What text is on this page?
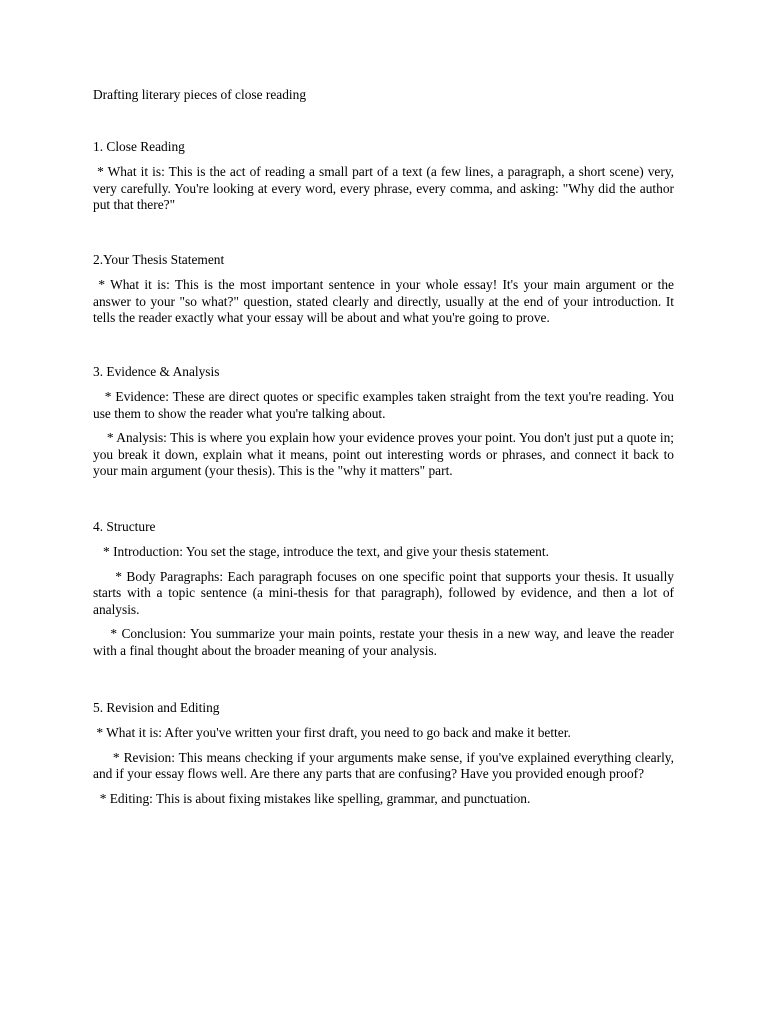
Drafting literary pieces of close reading

1. Close Reading

* What it is: This is the act of reading a small part of a text (a few lines, a paragraph, a short scene) very, very carefully. You're looking at every word, every phrase, every comma, and asking: "Why did the author put that there?"

2.Your Thesis Statement

* What it is: This is the most important sentence in your whole essay! It's your main argument or the answer to your "so what?" question, stated clearly and directly, usually at the end of your introduction. It tells the reader exactly what your essay will be about and what you're going to prove.

3. Evidence & Analysis

* Evidence: These are direct quotes or specific examples taken straight from the text you're reading. You use them to show the reader what you're talking about.

* Analysis: This is where you explain how your evidence proves your point. You don't just put a quote in; you break it down, explain what it means, point out interesting words or phrases, and connect it back to your main argument (your thesis). This is the "why it matters" part.

4. Structure

* Introduction: You set the stage, introduce the text, and give your thesis statement.

* Body Paragraphs: Each paragraph focuses on one specific point that supports your thesis. It usually starts with a topic sentence (a mini-thesis for that paragraph), followed by evidence, and then a lot of analysis.

* Conclusion: You summarize your main points, restate your thesis in a new way, and leave the reader with a final thought about the broader meaning of your analysis.

5. Revision and Editing

* What it is: After you've written your first draft, you need to go back and make it better.

* Revision: This means checking if your arguments make sense, if you've explained everything clearly, and if your essay flows well. Are there any parts that are confusing? Have you provided enough proof?

* Editing: This is about fixing mistakes like spelling, grammar, and punctuation.
